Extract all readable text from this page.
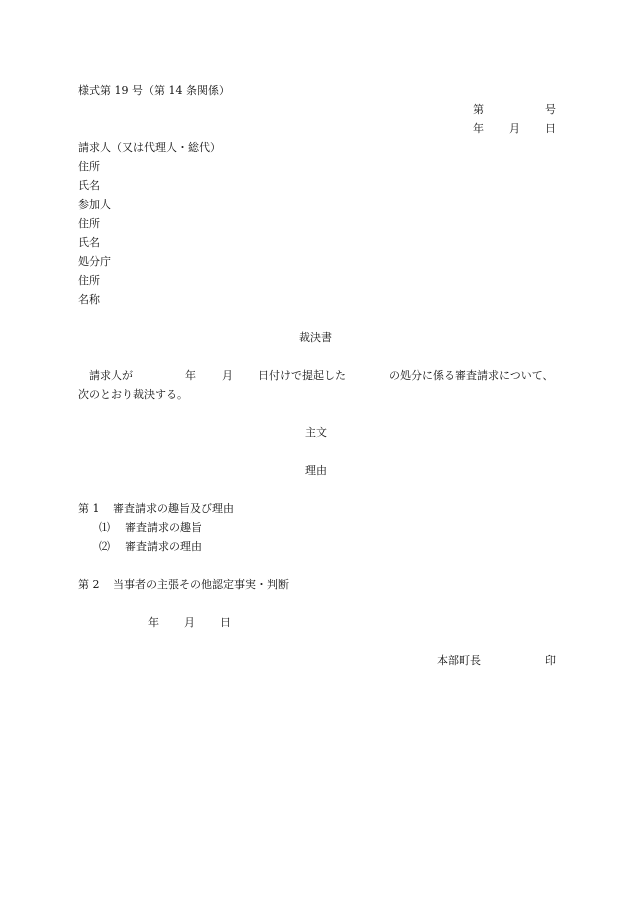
様式第 19 号（第 14 条関係）
第	号
年 月 日
請求人（又は代理人・総代）
住所
氏名
参加人
住所
氏名
処分庁
住所
名称
裁決書
請求人が	年 月 日付けで提起した	の処分に係る審査請求について、
次のとおり裁決する。
主文
理由
第 1 審査請求の趣旨及び理由
⑴ 審査請求の趣旨
⑵ 審査請求の理由
第 2 当事者の主張その他認定事実・判断
年 月 日
本部町長	印
